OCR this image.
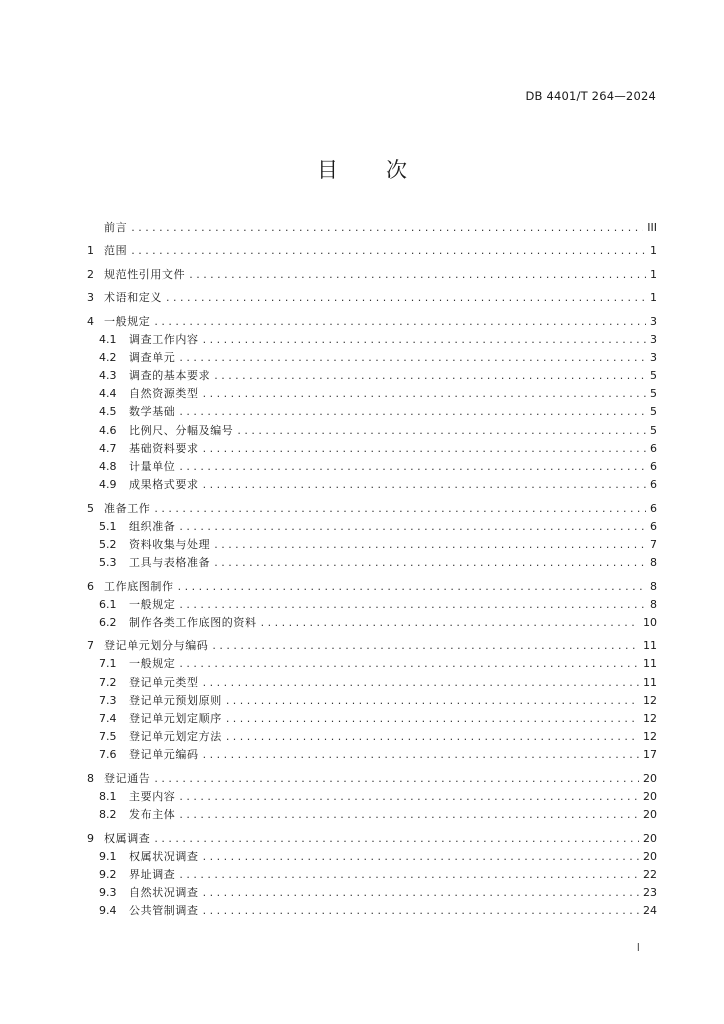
DB 4401/T 264—2024
目 次
前言 . . .	III
1 范围 . . .	1
2 规范性引用文件 . . .	1
3 术语和定义 . . .	1
4 一般规定 . . .	3
4.1	调查工作内容 . . .	3
4.2	调查单元 . . .	3
4.3	调查的基本要求 . . .	5
4.4	自然资源类型 . . .	5
4.5	数学基础 . . .	5
4.6	比例尺、分幅及编号 . . .	5
4.7	基础资料要求 . . .	6
4.8	计量单位 . . .	6
4.9	成果格式要求 . . .	6
5 准备工作 . . .	6
5.1	组织准备 . . .	6
5.2	资料收集与处理 . . .	7
5.3	工具与表格准备 . . .	8
6 工作底图制作 . . .	8
6.1	一般规定 . . .	8
6.2	制作各类工作底图的资料 . . .	10
7 登记单元划分与编码 . . .	11
7.1	一般规定 . . .	11
7.2	登记单元类型 . . .	11
7.3	登记单元预划原则 . . .	12
7.4	登记单元划定顺序 . . .	12
7.5	登记单元划定方法 . . .	12
7.6	登记单元编码 . . .	17
8 登记通告 . . .	20
8.1	主要内容 . . .	20
8.2	发布主体 . . .	20
9 权属调查 . . .	20
9.1	权属状况调查 . . .	20
9.2	界址调查 . . .	22
9.3	自然状况调查 . . .	23
9.4	公共管制调查 . . .	24
I
